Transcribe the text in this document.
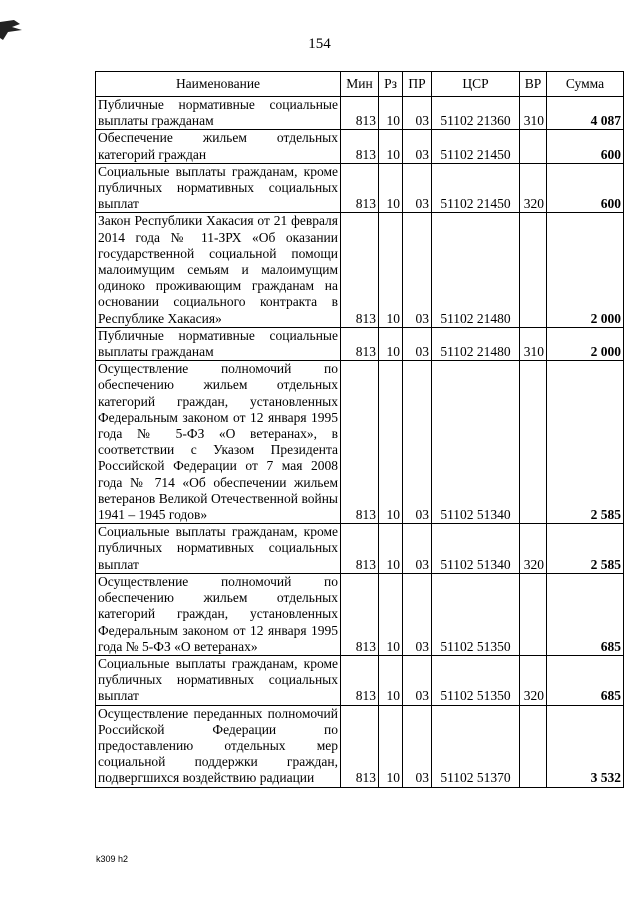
154
Наименование	Мин	Рз	ПР	ЦСР	ВР	Сумма
Публичные нормативные социальные выплаты гражданам	813	10	03	51102 21360	310	4 087
Обеспечение жильем отдельных категорий граждан	813	10	03	51102 21450		600
Социальные выплаты гражданам, кроме публичных нормативных социальных выплат	813	10	03	51102 21450	320	600
Закон Республики Хакасия от 21 февраля 2014 года № 11-ЗРХ «Об оказании государственной социальной помощи малоимущим семьям и малоимущим одиноко проживающим гражданам на основании социального контракта в Республике Хакасия»	813	10	03	51102 21480		2 000
Публичные нормативные социальные выплаты гражданам	813	10	03	51102 21480	310	2 000
Осуществление полномочий по обеспечению жильем отдельных категорий граждан, установленных Федеральным законом от 12 января 1995 года № 5-ФЗ «О ветеранах», в соответствии с Указом Президента Российской Федерации от 7 мая 2008 года № 714 «Об обеспечении жильем ветеранов Великой Отечественной войны 1941 – 1945 годов»	813	10	03	51102 51340		2 585
Социальные выплаты гражданам, кроме публичных нормативных социальных выплат	813	10	03	51102 51340	320	2 585
Осуществление полномочий по обеспечению жильем отдельных категорий граждан, установленных Федеральным законом от 12 января 1995 года № 5-ФЗ «О ветеранах»	813	10	03	51102 51350		685
Социальные выплаты гражданам, кроме публичных нормативных социальных выплат	813	10	03	51102 51350	320	685
Осуществление переданных полномочий Российской Федерации по предоставлению отдельных мер социальной поддержки граждан, подвергшихся воздействию радиации	813	10	03	51102 51370		3 532
k309 h2
